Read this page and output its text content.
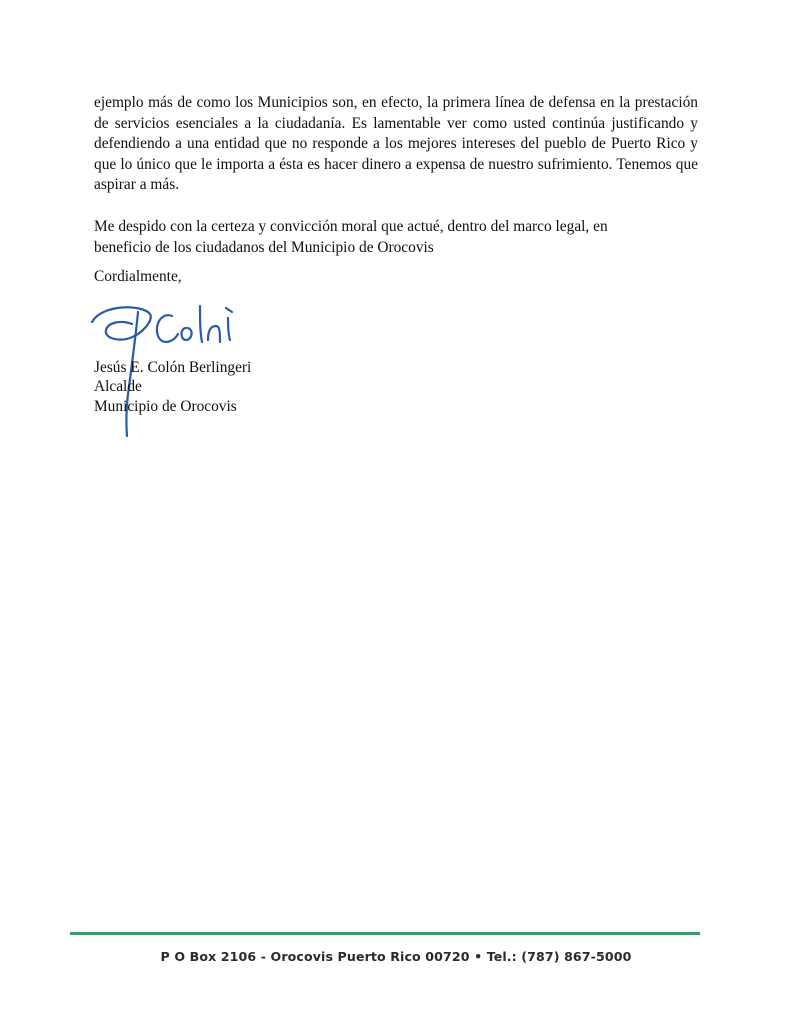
ejemplo más de como los Municipios son, en efecto, la primera línea de defensa en la prestación de servicios esenciales a la ciudadanía. Es lamentable ver como usted continúa justificando y defendiendo a una entidad que no responde a los mejores intereses del pueblo de Puerto Rico y que lo único que le importa a ésta es hacer dinero a expensa de nuestro sufrimiento. Tenemos que aspirar a más.

Me despido con la certeza y convicción moral que actué, dentro del marco legal, en
beneficio de los ciudadanos del Municipio de Orocovis
Cordialmente,
Jesús E. Colón Berlingeri
Alcalde
Municipio de Orocovis
P O Box 2106 - Orocovis Puerto Rico 00720 • Tel.: (787) 867-5000
